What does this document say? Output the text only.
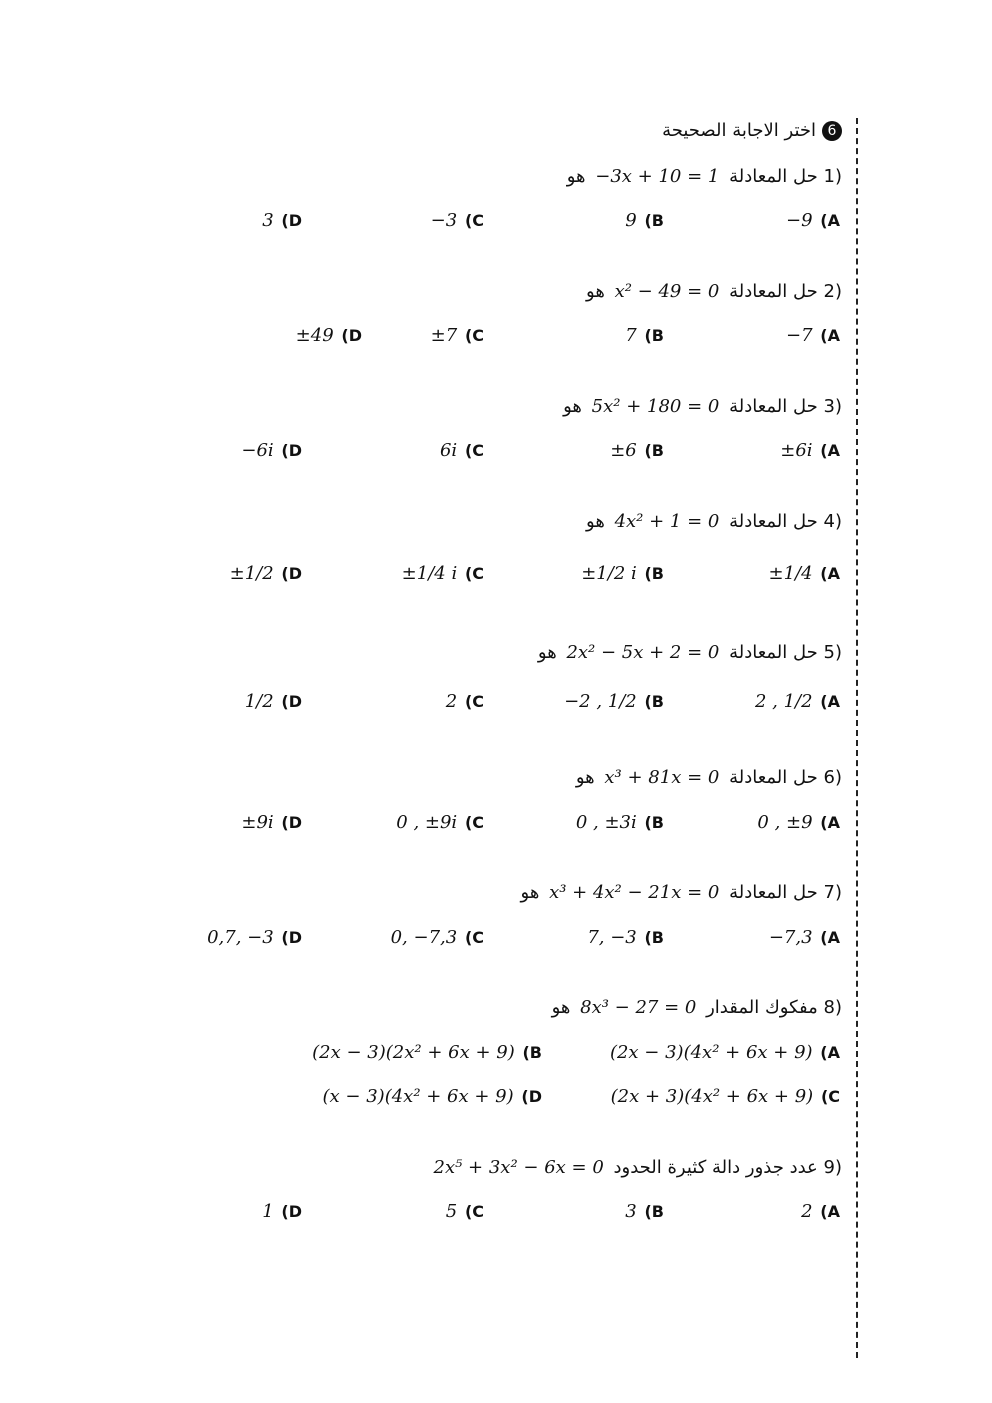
6اختر الاجابة الصحيحة
(1 حل المعادلة −3x + 10 = 1 هو
−9 (A
9 (B
−3 (C
3 (D
(2 حل المعادلة x² − 49 = 0 هو
−7 (A
7 (B
±7 (C
±49 (D
(3 حل المعادلة 5x² + 180 = 0 هو
±6i (A
±6 (B
6i (C
−6i (D
(4 حل المعادلة 4x² + 1 = 0 هو
±1/4 (A
±1/2 i (B
±1/4 i (C
±1/2 (D
(5 حل المعادلة 2x² − 5x + 2 = 0 هو
2 , 1/2 (A
−2 , 1/2 (B
2 (C
1/2 (D
(6 حل المعادلة x³ + 81x = 0 هو
0 , ±9 (A
0 , ±3i (B
0 , ±9i (C
±9i (D
(7 حل المعادلة x³ + 4x² − 21x = 0 هو
−7,3 (A
7, −3 (B
0, −7,3 (C
0,7, −3 (D
(8 مفكوك المقدار 8x³ − 27 = 0 هو
(2x − 3)(4x² + 6x + 9) (A
(2x − 3)(2x² + 6x + 9) (B
(2x + 3)(4x² + 6x + 9) (C
(x − 3)(4x² + 6x + 9) (D
(9 عدد جذور دالة كثيرة الحدود 2x⁵ + 3x² − 6x = 0
2 (A
3 (B
5 (C
1 (D
